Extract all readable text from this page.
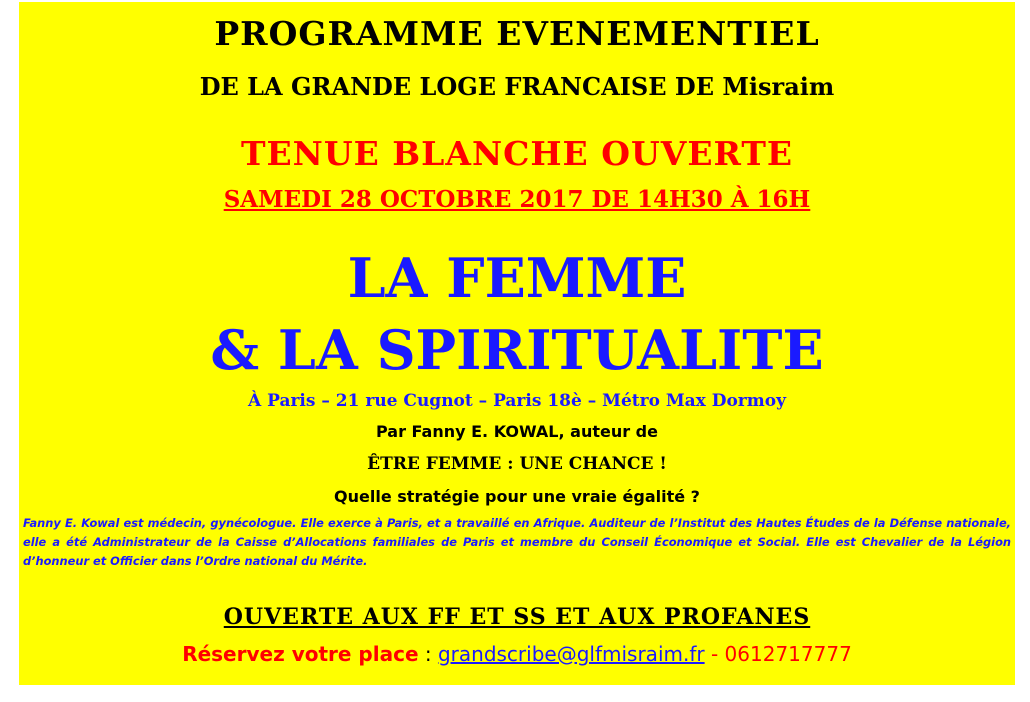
PROGRAMME EVENEMENTIEL
DE LA GRANDE LOGE FRANCAISE DE Misraim
TENUE BLANCHE OUVERTE
SAMEDI 28 OCTOBRE 2017 DE 14H30 À 16H
LA FEMME
& LA SPIRITUALITE
À Paris – 21 rue Cugnot – Paris 18è – Métro Max Dormoy
Par Fanny E. KOWAL, auteur de
ÊTRE FEMME : UNE CHANCE !
Quelle stratégie pour une vraie égalité ?
Fanny E. Kowal est médecin, gynécologue. Elle exerce à Paris, et a travaillé en Afrique. Auditeur de l’Institut des Hautes Études de la Défense nationale, elle a été Administrateur de la Caisse d’Allocations familiales de Paris et membre du Conseil Économique et Social. Elle est Chevalier de la Légion d’honneur et Officier dans l’Ordre national du Mérite.
OUVERTE AUX FF ET SS ET AUX PROFANES
Réservez votre place : grandscribe@glfmisraim.fr - 0612717777
